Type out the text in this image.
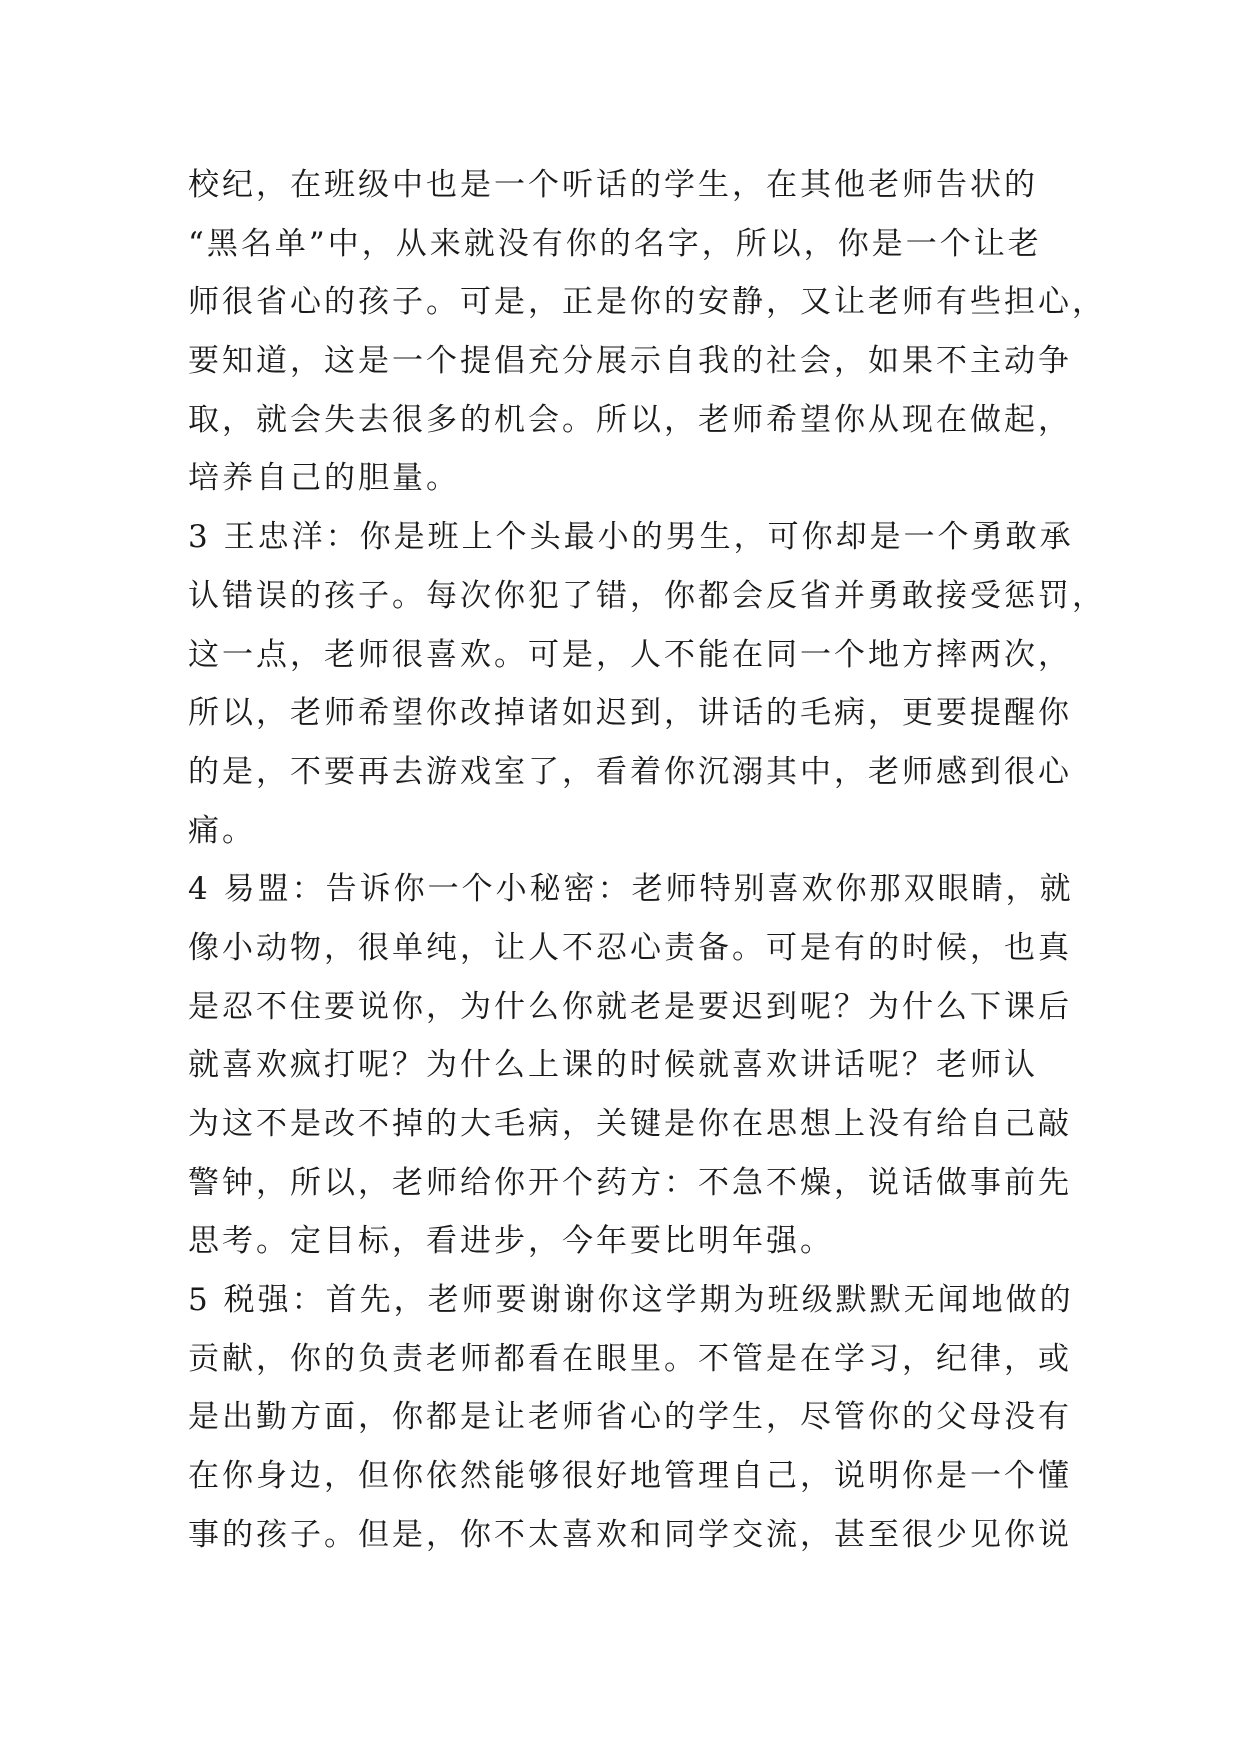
校纪，在班级中也是一个听话的学生，在其他老师告状的
“黑名单”中，从来就没有你的名字，所以，你是一个让老
师很省心的孩子。可是，正是你的安静，又让老师有些担心，
要知道，这是一个提倡充分展示自我的社会，如果不主动争
取，就会失去很多的机会。所以，老师希望你从现在做起，
培养自己的胆量。
3 王忠洋：你是班上个头最小的男生，可你却是一个勇敢承
认错误的孩子。每次你犯了错，你都会反省并勇敢接受惩罚，
这一点，老师很喜欢。可是，人不能在同一个地方摔两次，
所以，老师希望你改掉诸如迟到，讲话的毛病，更要提醒你
的是，不要再去游戏室了，看着你沉溺其中，老师感到很心
痛。
4 易盟：告诉你一个小秘密：老师特别喜欢你那双眼睛，就
像小动物，很单纯，让人不忍心责备。可是有的时候，也真
是忍不住要说你，为什么你就老是要迟到呢？为什么下课后
就喜欢疯打呢？为什么上课的时候就喜欢讲话呢？老师认
为这不是改不掉的大毛病，关键是你在思想上没有给自己敲
警钟，所以，老师给你开个药方：不急不燥，说话做事前先
思考。定目标，看进步，今年要比明年强。
5 税强：首先，老师要谢谢你这学期为班级默默无闻地做的
贡献，你的负责老师都看在眼里。不管是在学习，纪律，或
是出勤方面，你都是让老师省心的学生，尽管你的父母没有
在你身边，但你依然能够很好地管理自己，说明你是一个懂
事的孩子。但是，你不太喜欢和同学交流，甚至很少见你说
